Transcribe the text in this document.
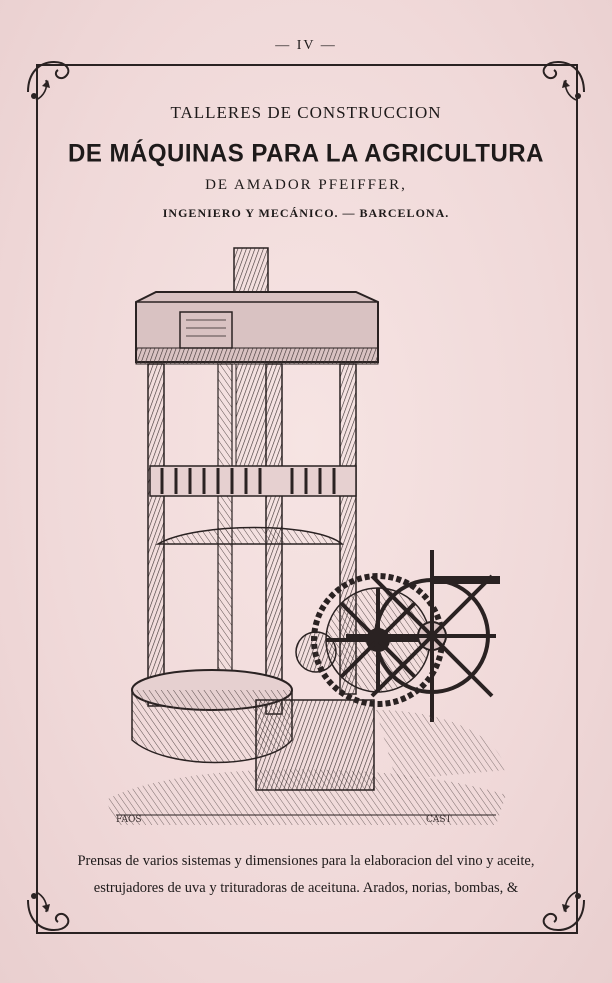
— IV —
TALLERES DE CONSTRUCCION
DE MÁQUINAS PARA LA AGRICULTURA
DE AMADOR PFEIFFER,
INGENIERO Y MECÁNICO. — BARCELONA.
FAOS	CAST
Prensas de varios sistemas y dimensiones para la elaboracion del vino y aceite,
estrujadores de uva y trituradoras de aceituna. Arados, norias, bombas, &
